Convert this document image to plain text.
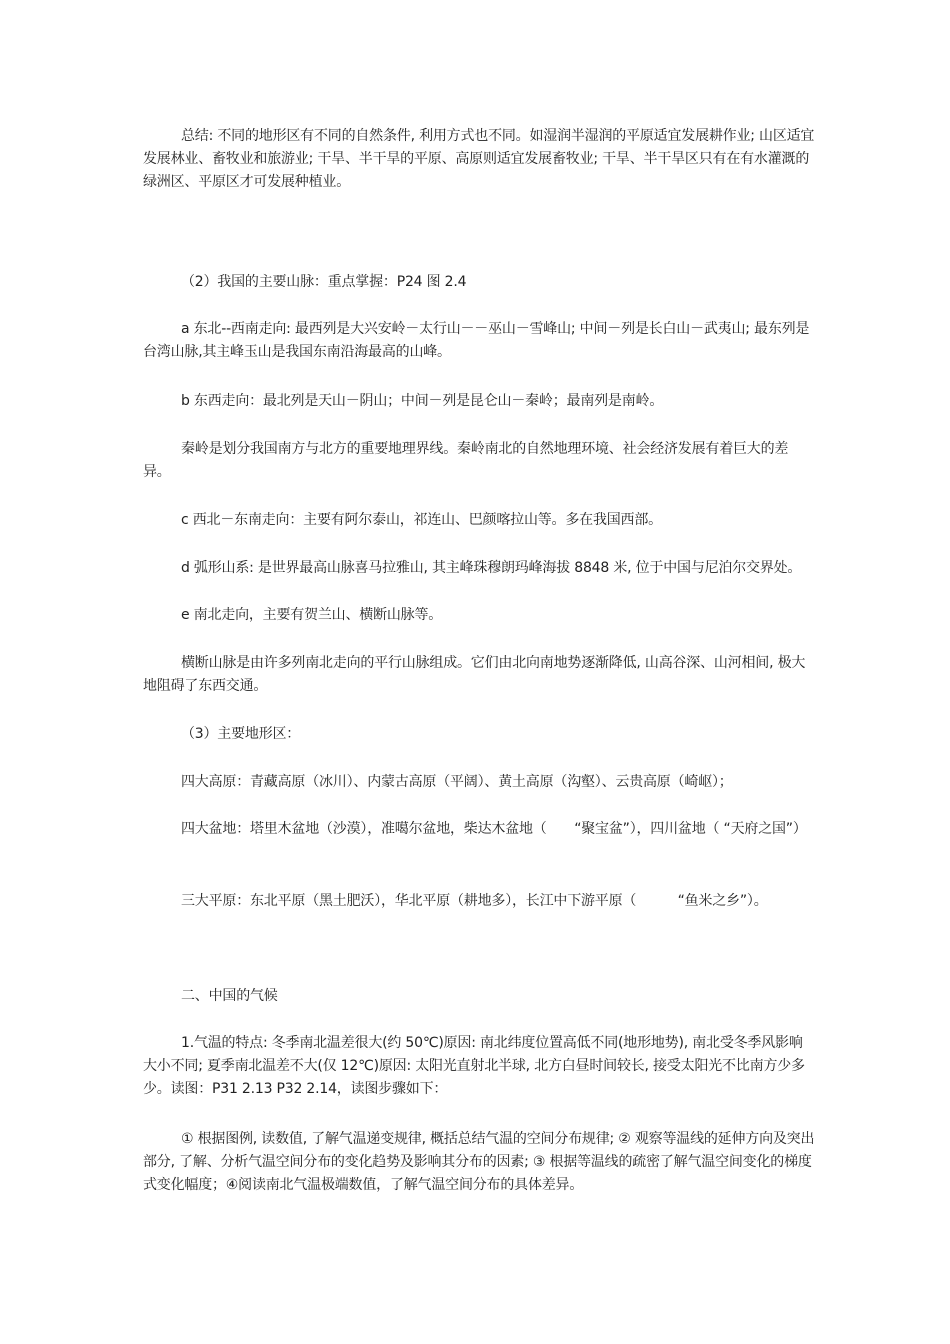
总结: 不同的地形区有不同的自然条件, 利用方式也不同。如湿润半湿润的平原适宜发展耕作业; 山区适宜发展林业、畜牧业和旅游业; 干旱、半干旱的平原、高原则适宜发展畜牧业; 干旱、半干旱区只有在有水灌溉的绿洲区、平原区才可发展种植业。

（2）我国的主要山脉：重点掌握：P24 图 2.4

a 东北--西南走向: 最西列是大兴安岭－太行山－－巫山－雪峰山; 中间－列是长白山－武夷山; 最东列是台湾山脉,其主峰玉山是我国东南沿海最高的山峰。

b 东西走向：最北列是天山－阴山；中间－列是昆仑山－秦岭；最南列是南岭。

秦岭是划分我国南方与北方的重要地理界线。秦岭南北的自然地理环境、社会经济发展有着巨大的差异。

c 西北－东南走向：主要有阿尔泰山，祁连山、巴颜喀拉山等。多在我国西部。

d 弧形山系: 是世界最高山脉喜马拉雅山, 其主峰珠穆朗玛峰海拔 8848 米, 位于中国与尼泊尔交界处。

e 南北走向，主要有贺兰山、横断山脉等。

横断山脉是由许多列南北走向的平行山脉组成。它们由北向南地势逐渐降低, 山高谷深、山河相间, 极大地阻碍了东西交通。

（3）主要地形区：

四大高原：青藏高原（冰川）、内蒙古高原（平阔）、黄土高原（沟壑）、云贵高原（崎岖）；

四大盆地：塔里木盆地（沙漠），准噶尔盆地，柴达木盆地（　　“聚宝盆”），四川盆地（ “天府之国”）

三大平原：东北平原（黑土肥沃），华北平原（耕地多），长江中下游平原（　　　“鱼米之乡”）。

二、中国的气候

1.气温的特点: 冬季南北温差很大(约 50℃)原因: 南北纬度位置高低不同(地形地势), 南北受冬季风影响大小不同; 夏季南北温差不大(仅 12℃)原因: 太阳光直射北半球, 北方白昼时间较长, 接受太阳光不比南方少多少。读图：P31 2.13 P32 2.14，读图步骤如下：

① 根据图例, 读数值, 了解气温递变规律, 概括总结气温的空间分布规律; ② 观察等温线的延伸方向及突出部分, 了解、分析气温空间分布的变化趋势及影响其分布的因素; ③ 根据等温线的疏密了解气温空间变化的梯度式变化幅度；④阅读南北气温极端数值，了解气温空间分布的具体差异。
